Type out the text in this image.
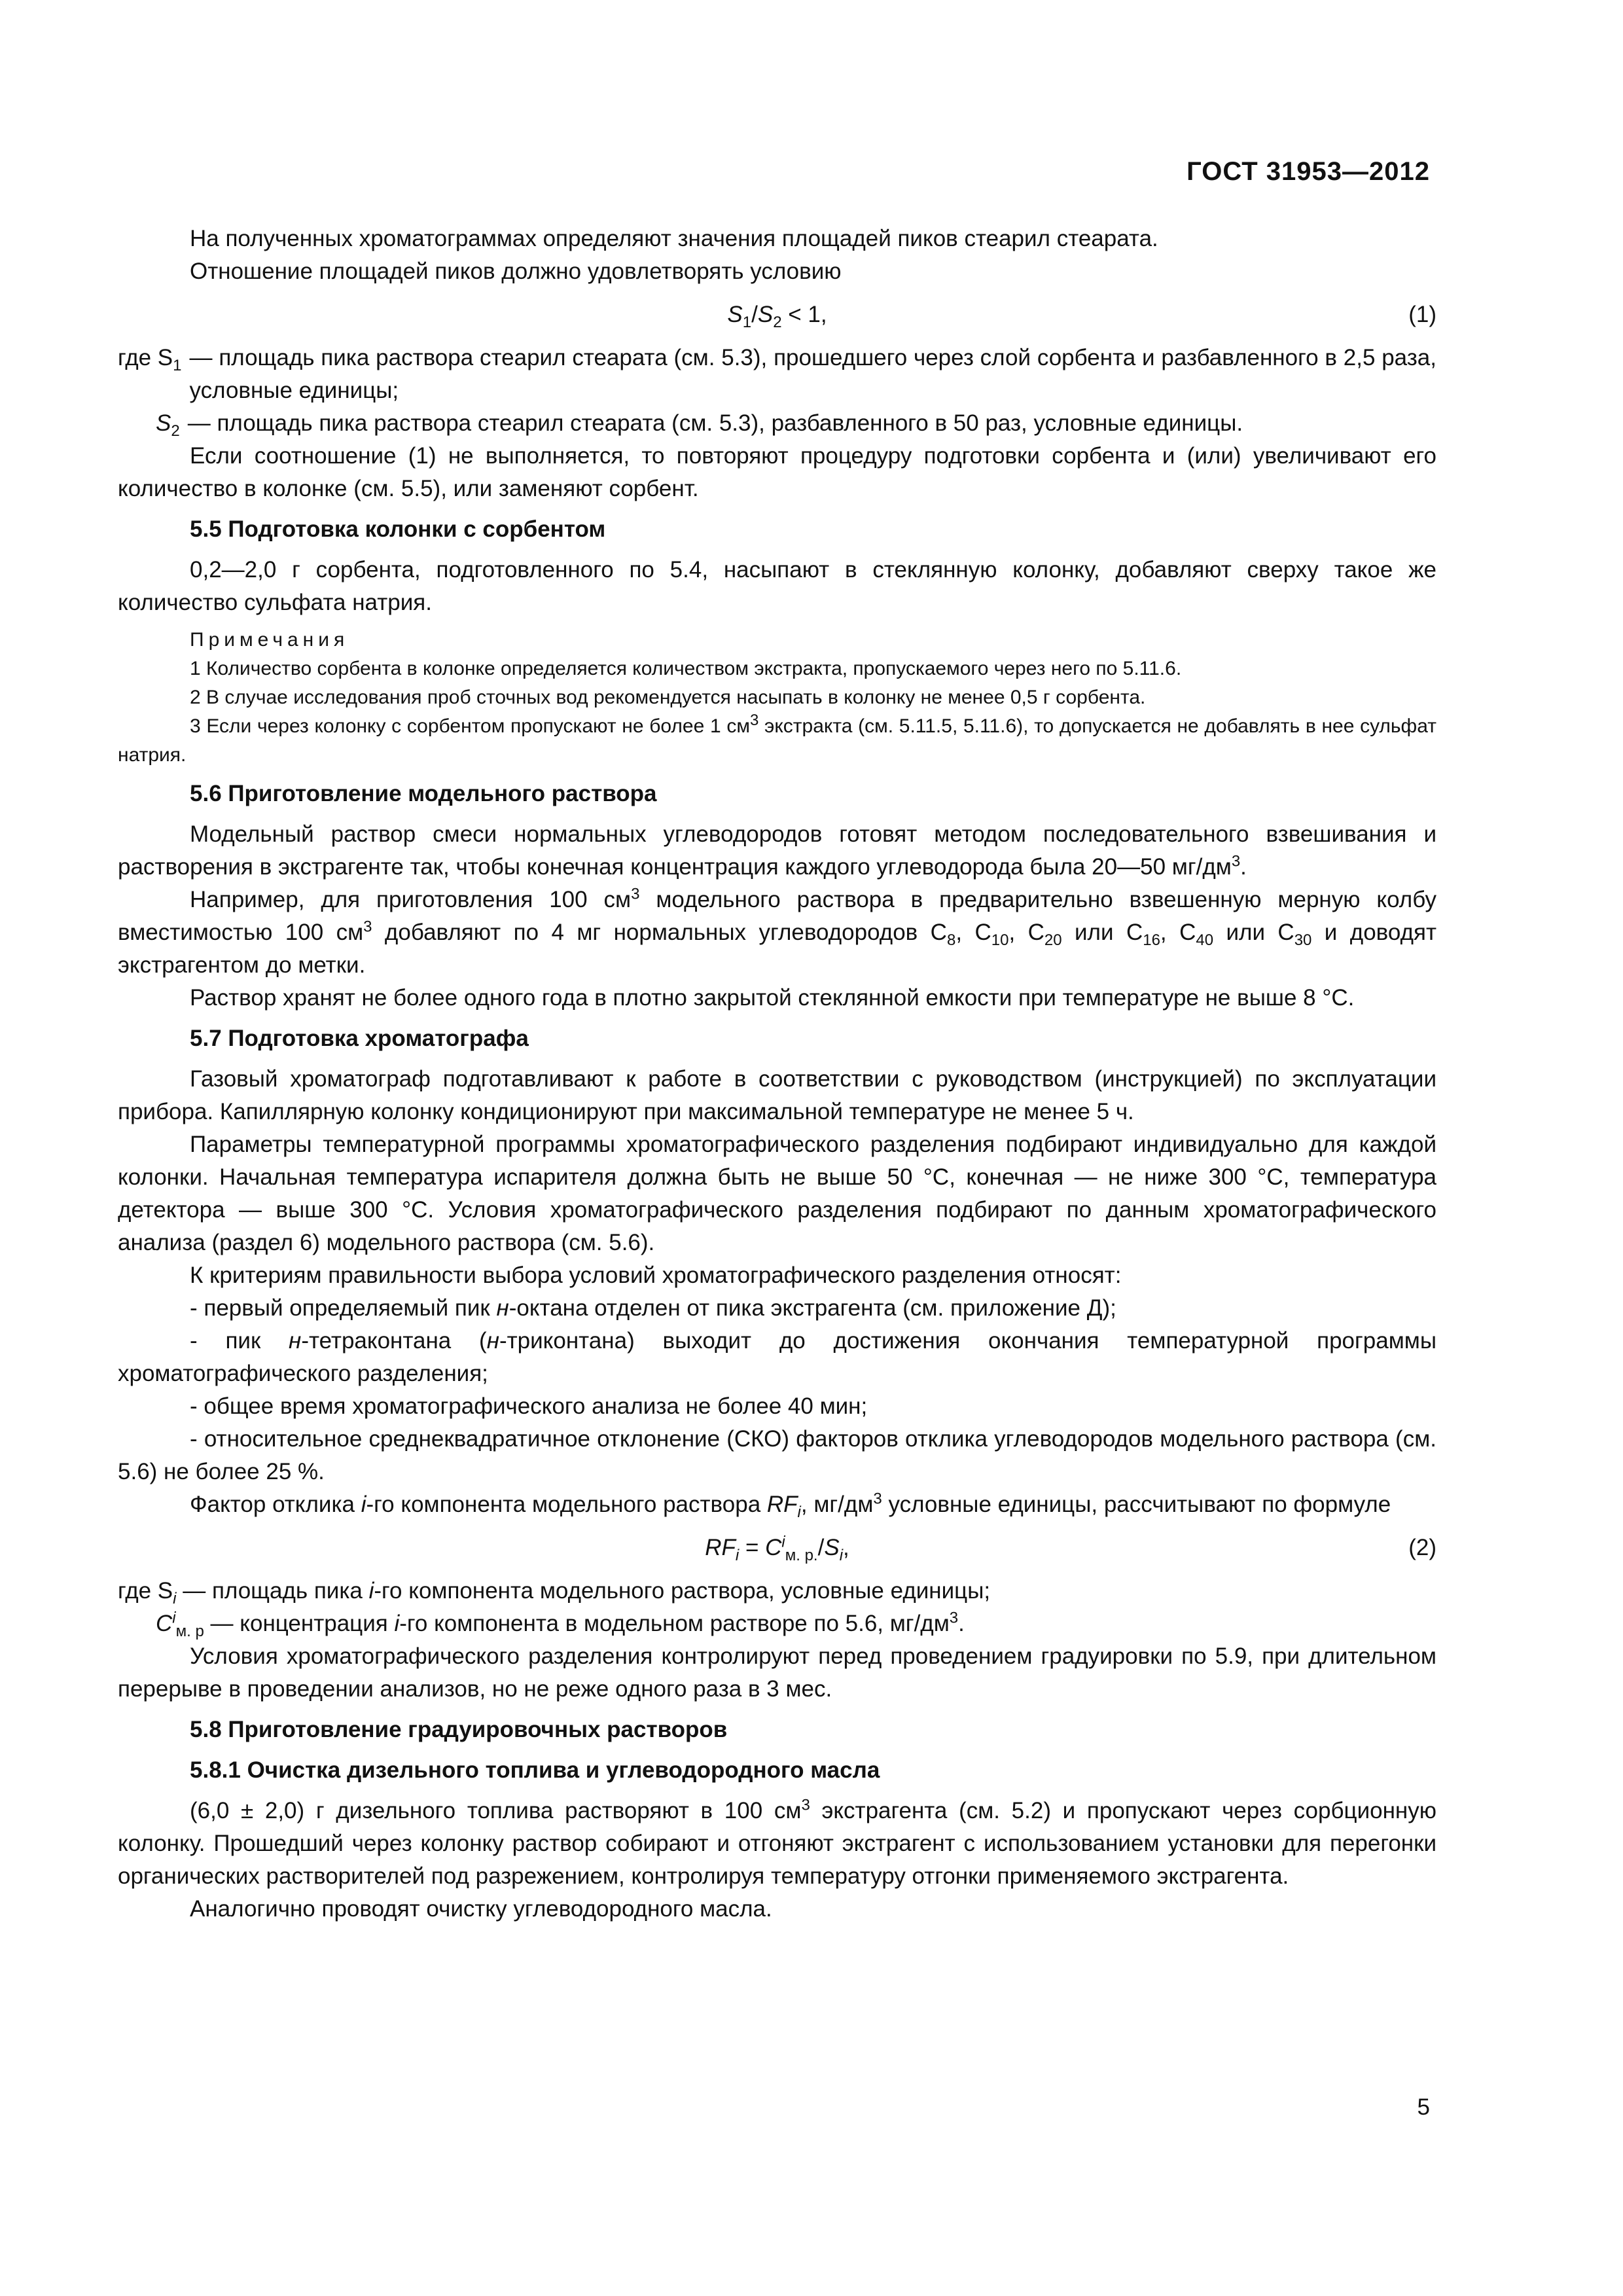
ГОСТ 31953—2012

На полученных хроматограммах определяют значения площадей пиков стеарил стеарата.

Отношение площадей пиков должно удовлетворять условию

$S_1/S_2 < 1$,	(1)
где $S_1$ — площадь пика раствора стеарил стеарата (см. 5.3), прошедшего через слой сорбента и разбавленного в 2,5 раза, условные единицы;
$S_2$ — площадь пика раствора стеарил стеарата (см. 5.3), разбавленного в 50 раз, условные единицы.

Если соотношение (1) не выполняется, то повторяют процедуру подготовки сорбента и (или) увеличивают его количество в колонке (см. 5.5), или заменяют сорбент.

5.5 Подготовка колонки с сорбентом

0,2—2,0 г сорбента, подготовленного по 5.4, насыпают в стеклянную колонку, добавляют сверху такое же количество сульфата натрия.

Примечания

1 Количество сорбента в колонке определяется количеством экстракта, пропускаемого через него по 5.11.6.

2 В случае исследования проб сточных вод рекомендуется насыпать в колонку не менее 0,5 г сорбента.

3 Если через колонку с сорбентом пропускают не более 1 $см^3$ экстракта (см. 5.11.5, 5.11.6), то допускается не добавлять в нее сульфат натрия.

5.6 Приготовление модельного раствора

Модельный раствор смеси нормальных углеводородов готовят методом последовательного взвешивания и растворения в экстрагенте так, чтобы конечная концентрация каждого углеводорода была 20—50 $мг/дм^3$.

Например, для приготовления 100 $см^3$ модельного раствора в предварительно взвешенную мерную колбу вместимостью 100 $см^3$ добавляют по 4 мг нормальных углеводородов $С_8$, $С_{10}$, $С_{20}$ или $С_{16}$, $С_{40}$ или $С_{30}$ и доводят экстрагентом до метки.

Раствор хранят не более одного года в плотно закрытой стеклянной емкости при температуре не выше 8 °С.

5.7 Подготовка хроматографа

Газовый хроматограф подготавливают к работе в соответствии с руководством (инструкцией) по эксплуатации прибора. Капиллярную колонку кондиционируют при максимальной температуре не менее 5 ч.

Параметры температурной программы хроматографического разделения подбирают индивидуально для каждой колонки. Начальная температура испарителя должна быть не выше 50 °С, конечная — не ниже 300 °С, температура детектора — выше 300 °С. Условия хроматографического разделения подбирают по данным хроматографического анализа (раздел 6) модельного раствора (см. 5.6).

К критериям правильности выбора условий хроматографического разделения относят:

- первый определяемый пик н-октана отделен от пика экстрагента (см. приложение Д);

- пик н-тетраконтана (н-триконтана) выходит до достижения окончания температурной программы хроматографического разделения;

- общее время хроматографического анализа не более 40 мин;

- относительное среднеквадратичное отклонение (СКО) факторов отклика углеводородов модельного раствора (см. 5.6) не более 25 %.

Фактор отклика i-го компонента модельного раствора $RF_i$, $мг/дм^3$ условные единицы, рассчитывают по формуле

$RF_i = C^i_{м. р.}/S_i$,	(2)
где $S_i$ — площадь пика i-го компонента модельного раствора, условные единицы;
$C^i_{м. р}$ — концентрация i-го компонента в модельном растворе по 5.6, $мг/дм^3$.

Условия хроматографического разделения контролируют перед проведением градуировки по 5.9, при длительном перерыве в проведении анализов, но не реже одного раза в 3 мес.

5.8 Приготовление градуировочных растворов
5.8.1 Очистка дизельного топлива и углеводородного масла

(6,0 ± 2,0) г дизельного топлива растворяют в 100 $см^3$ экстрагента (см. 5.2) и пропускают через сорбционную колонку. Прошедший через колонку раствор собирают и отгоняют экстрагент с использованием установки для перегонки органических растворителей под разрежением, контролируя температуру отгонки применяемого экстрагента.

Аналогично проводят очистку углеводородного масла.

5
